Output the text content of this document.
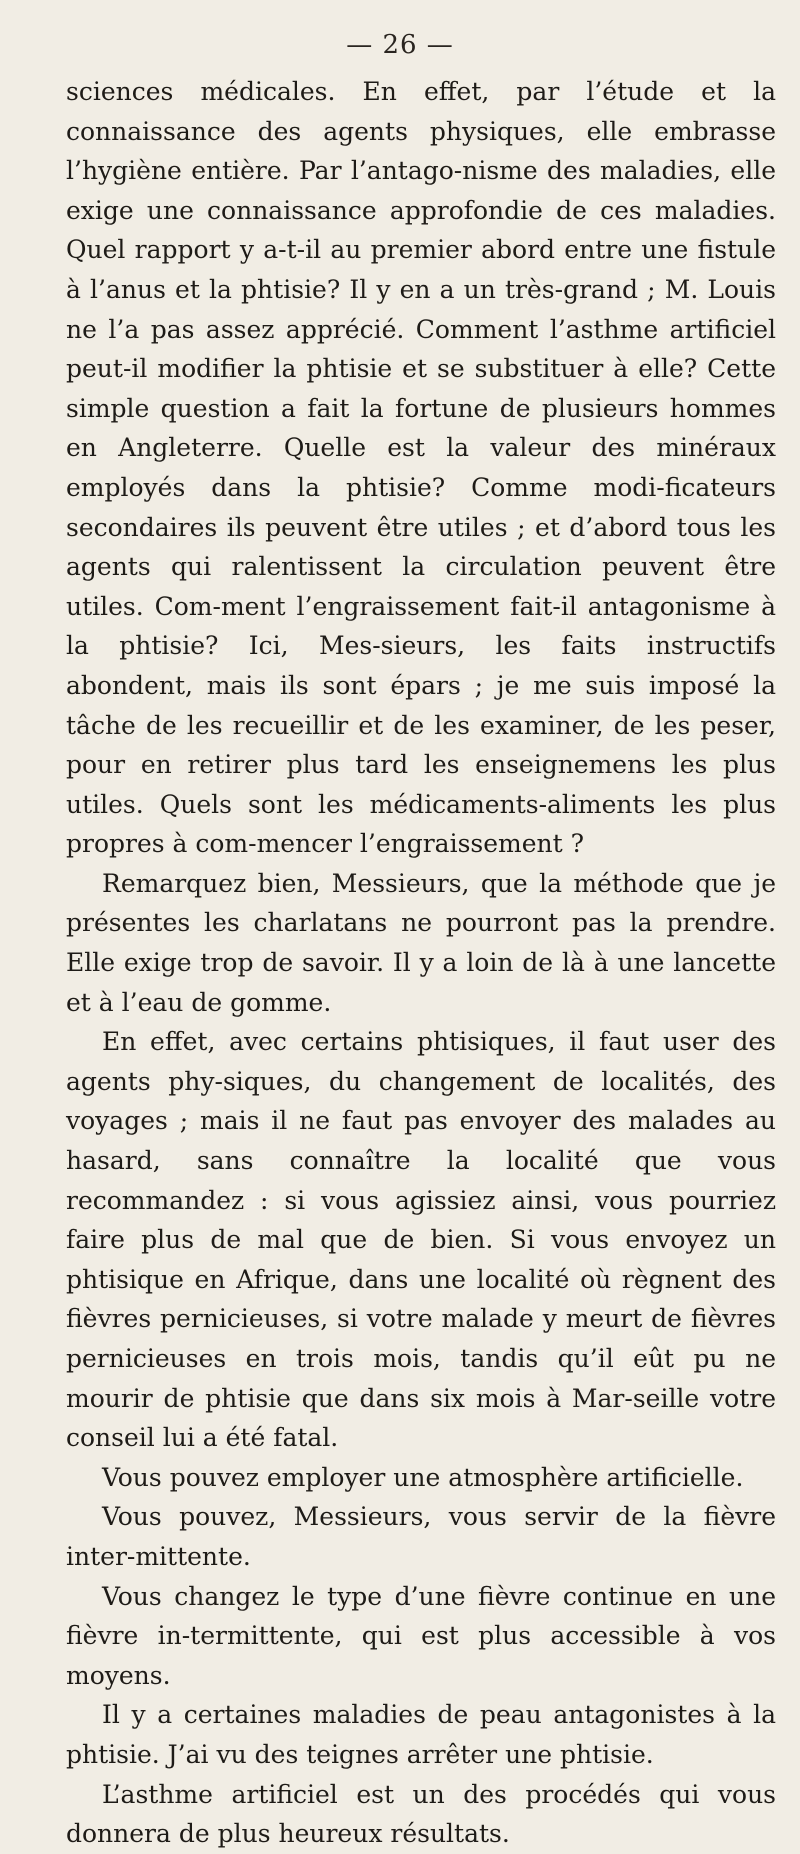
— 26 —

sciences médicales. En effet, par l’étude et la connaissance des agents physiques, elle embrasse l’hygiène entière. Par l’antago-nisme des maladies, elle exige une connaissance approfondie de ces maladies. Quel rapport y a-t-il au premier abord entre une fistule à l’anus et la phtisie? Il y en a un très-grand ; M. Louis ne l’a pas assez apprécié. Comment l’asthme artificiel peut-il modifier la phtisie et se substituer à elle? Cette simple question a fait la fortune de plusieurs hommes en Angleterre. Quelle est la valeur des minéraux employés dans la phtisie? Comme modi-ficateurs secondaires ils peuvent être utiles ; et d’abord tous les agents qui ralentissent la circulation peuvent être utiles. Com-ment l’engraissement fait-il antagonisme à la phtisie? Ici, Mes-sieurs, les faits instructifs abondent, mais ils sont épars ; je me suis imposé la tâche de les recueillir et de les examiner, de les peser, pour en retirer plus tard les enseignemens les plus utiles. Quels sont les médicaments-aliments les plus propres à com-mencer l’engraissement ?

Remarquez bien, Messieurs, que la méthode que je présentes les charlatans ne pourront pas la prendre. Elle exige trop de savoir. Il y a loin de là à une lancette et à l’eau de gomme.

En effet, avec certains phtisiques, il faut user des agents phy-siques, du changement de localités, des voyages ; mais il ne faut pas envoyer des malades au hasard, sans connaître la localité que vous recommandez : si vous agissiez ainsi, vous pourriez faire plus de mal que de bien. Si vous envoyez un phtisique en Afrique, dans une localité où règnent des fièvres pernicieuses, si votre malade y meurt de fièvres pernicieuses en trois mois, tandis qu’il eût pu ne mourir de phtisie que dans six mois à Mar-seille votre conseil lui a été fatal.

Vous pouvez employer une atmosphère artificielle.

Vous pouvez, Messieurs, vous servir de la fièvre inter-mittente.

Vous changez le type d’une fièvre continue en une fièvre in-termittente, qui est plus accessible à vos moyens.

Il y a certaines maladies de peau antagonistes à la phtisie. J’ai vu des teignes arrêter une phtisie.

L’asthme artificiel est un des procédés qui vous donnera de plus heureux résultats.
